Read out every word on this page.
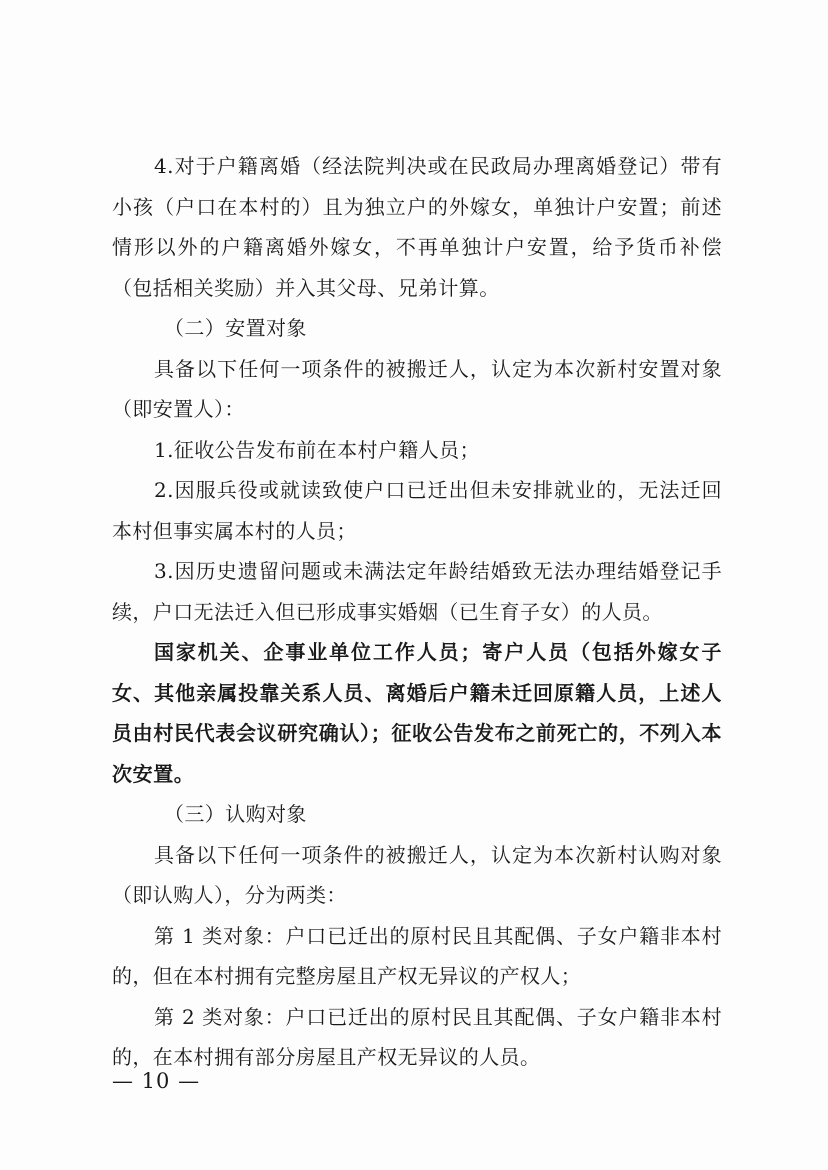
4.对于户籍离婚（经法院判决或在民政局办理离婚登记）带有小孩（户口在本村的）且为独立户的外嫁女，单独计户安置；前述情形以外的户籍离婚外嫁女，不再单独计户安置，给予货币补偿（包括相关奖励）并入其父母、兄弟计算。

（二）安置对象

具备以下任何一项条件的被搬迁人，认定为本次新村安置对象（即安置人）：

1.征收公告发布前在本村户籍人员；

2.因服兵役或就读致使户口已迁出但未安排就业的，无法迁回本村但事实属本村的人员；

3.因历史遗留问题或未满法定年龄结婚致无法办理结婚登记手续，户口无法迁入但已形成事实婚姻（已生育子女）的人员。

国家机关、企事业单位工作人员；寄户人员（包括外嫁女子女、其他亲属投靠关系人员、离婚后户籍未迁回原籍人员，上述人员由村民代表会议研究确认）；征收公告发布之前死亡的，不列入本次安置。

（三）认购对象

具备以下任何一项条件的被搬迁人，认定为本次新村认购对象（即认购人），分为两类：

第 1 类对象：户口已迁出的原村民且其配偶、子女户籍非本村的，但在本村拥有完整房屋且产权无异议的产权人；

第 2 类对象：户口已迁出的原村民且其配偶、子女户籍非本村的，在本村拥有部分房屋且产权无异议的人员。

— 10 —
